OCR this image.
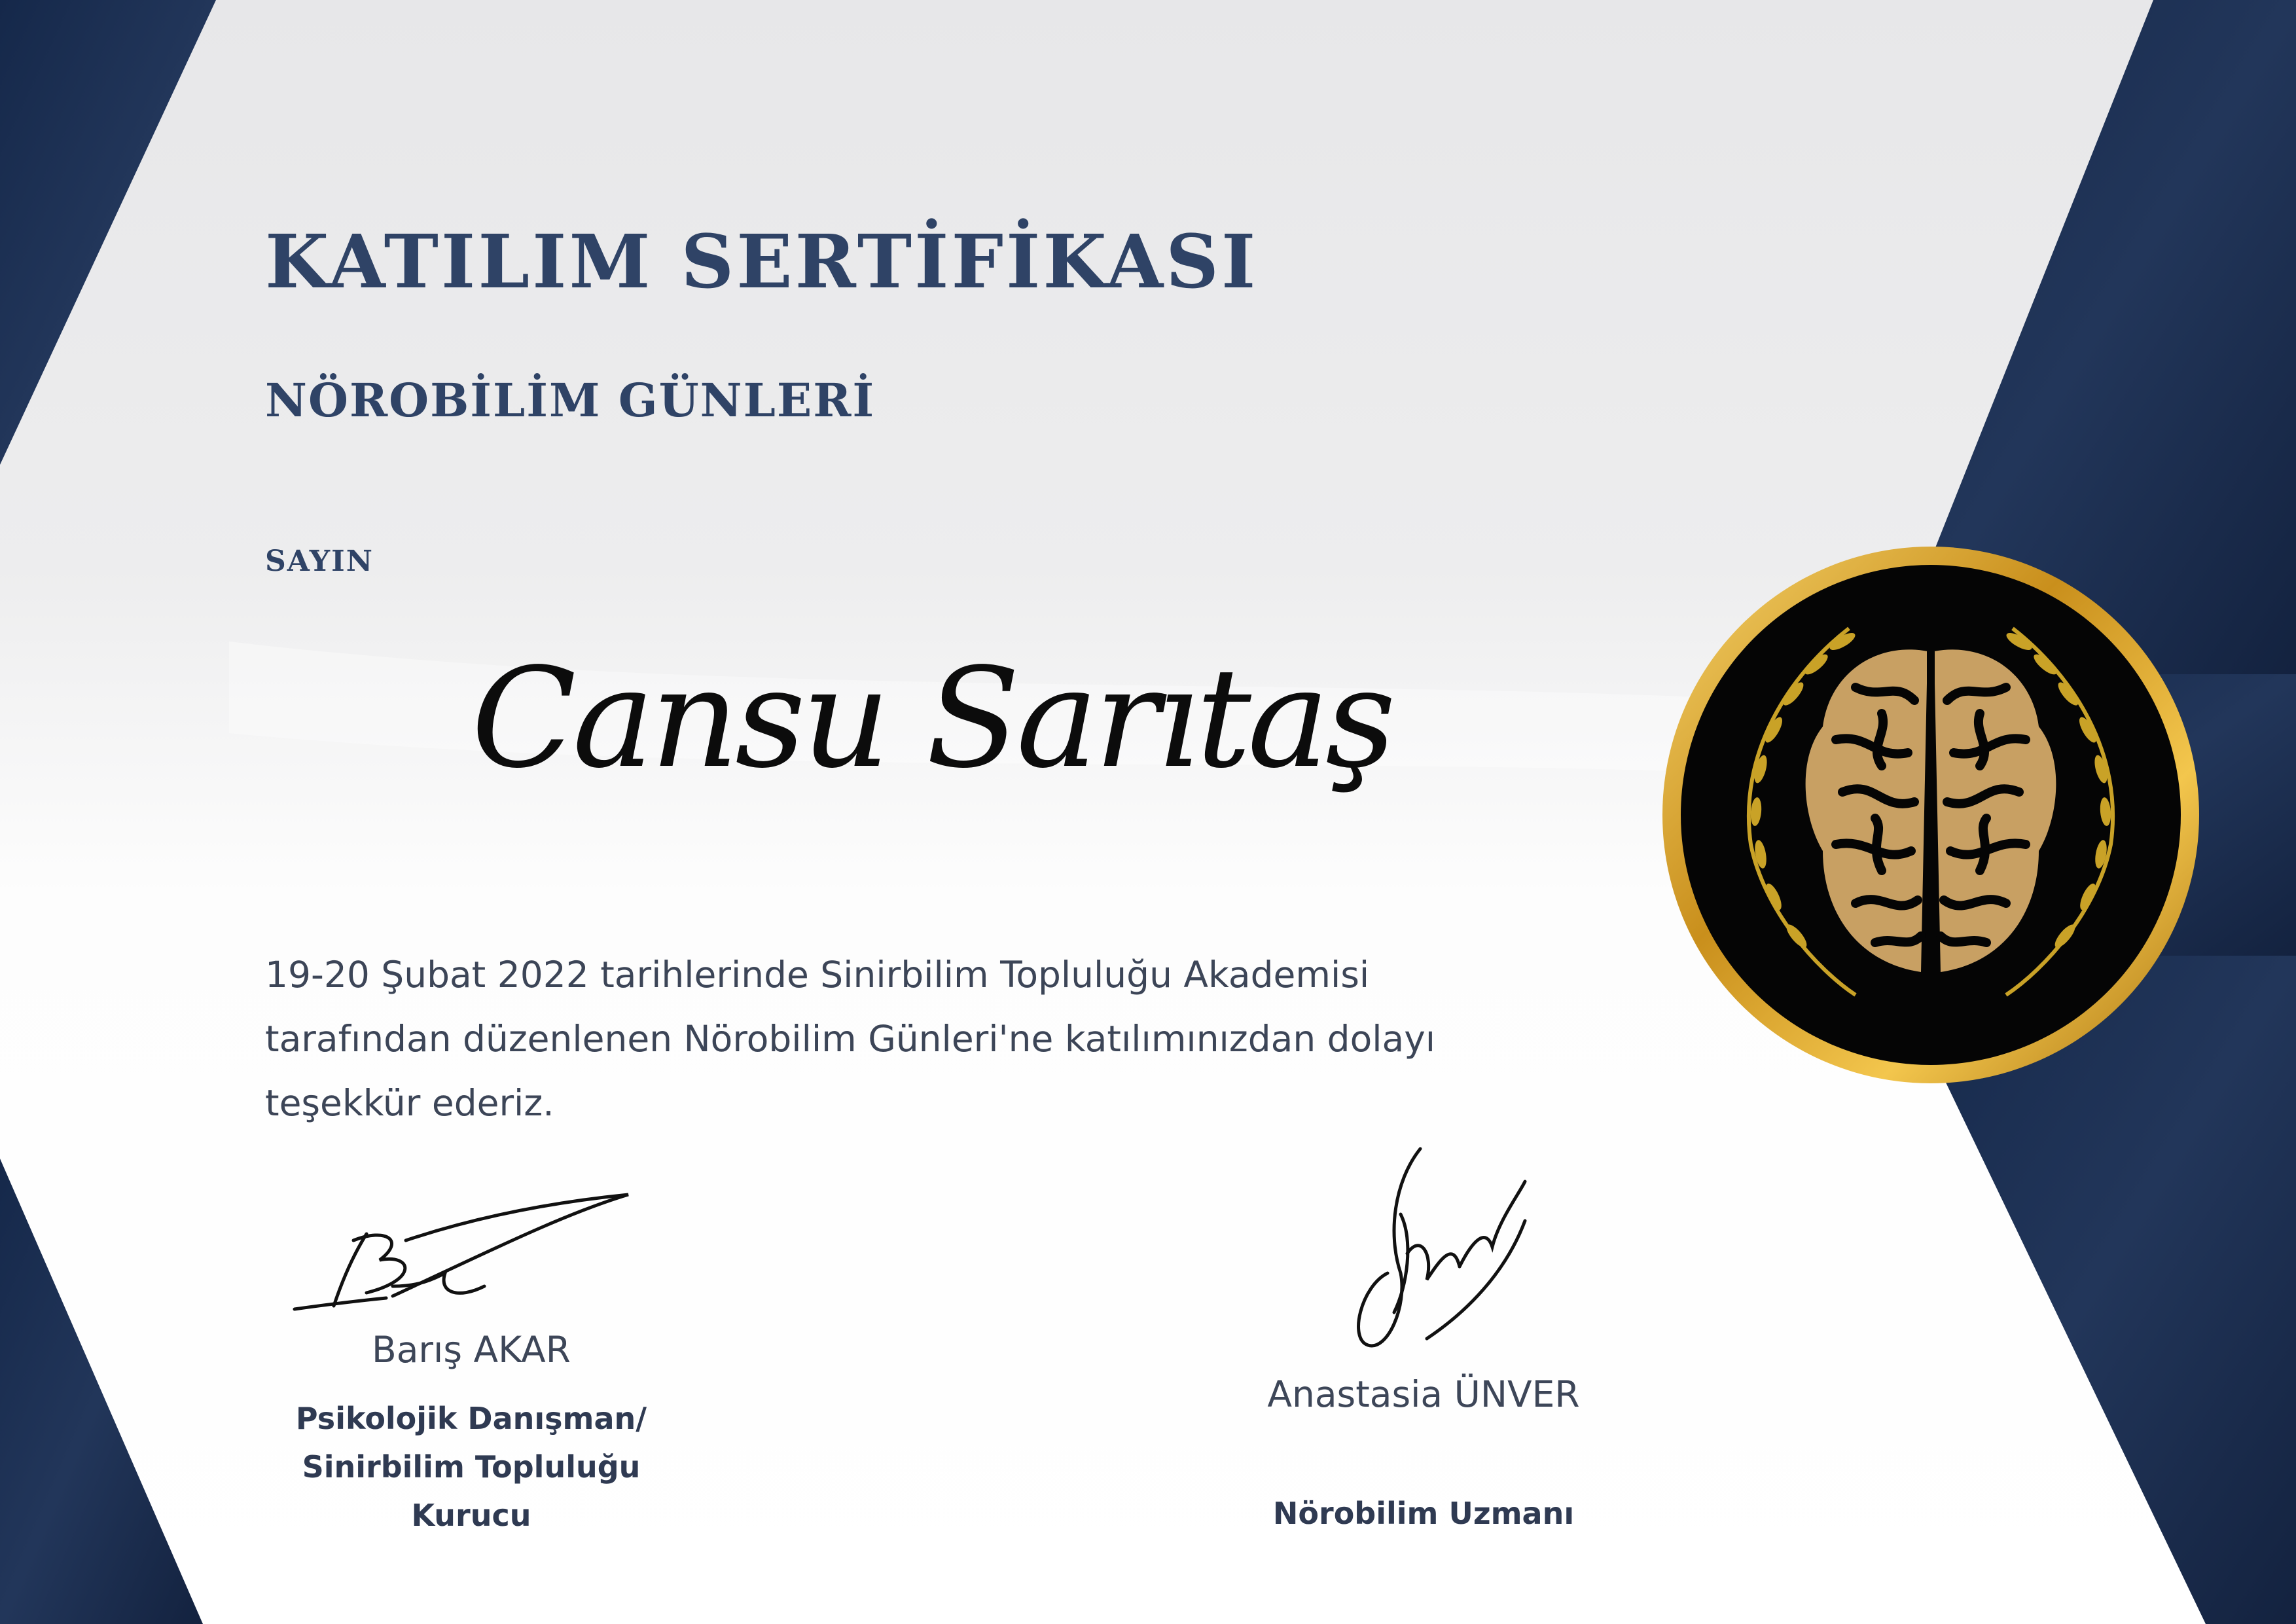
KATILIM SERTİFİKASI
NÖROBİLİM GÜNLERİ
SAYIN
Cansu Sarıtaş

19-20 Şubat 2022 tarihlerinde Sinirbilim Topluluğu Akademisi tarafından düzenlenen Nörobilim Günleri'ne katılımınızdan dolayı teşekkür ederiz.

Barış AKAR
Psikolojik Danışman/ Sinirbilim Topluluğu Kurucu
Anastasia ÜNVER
Nörobilim Uzmanı
